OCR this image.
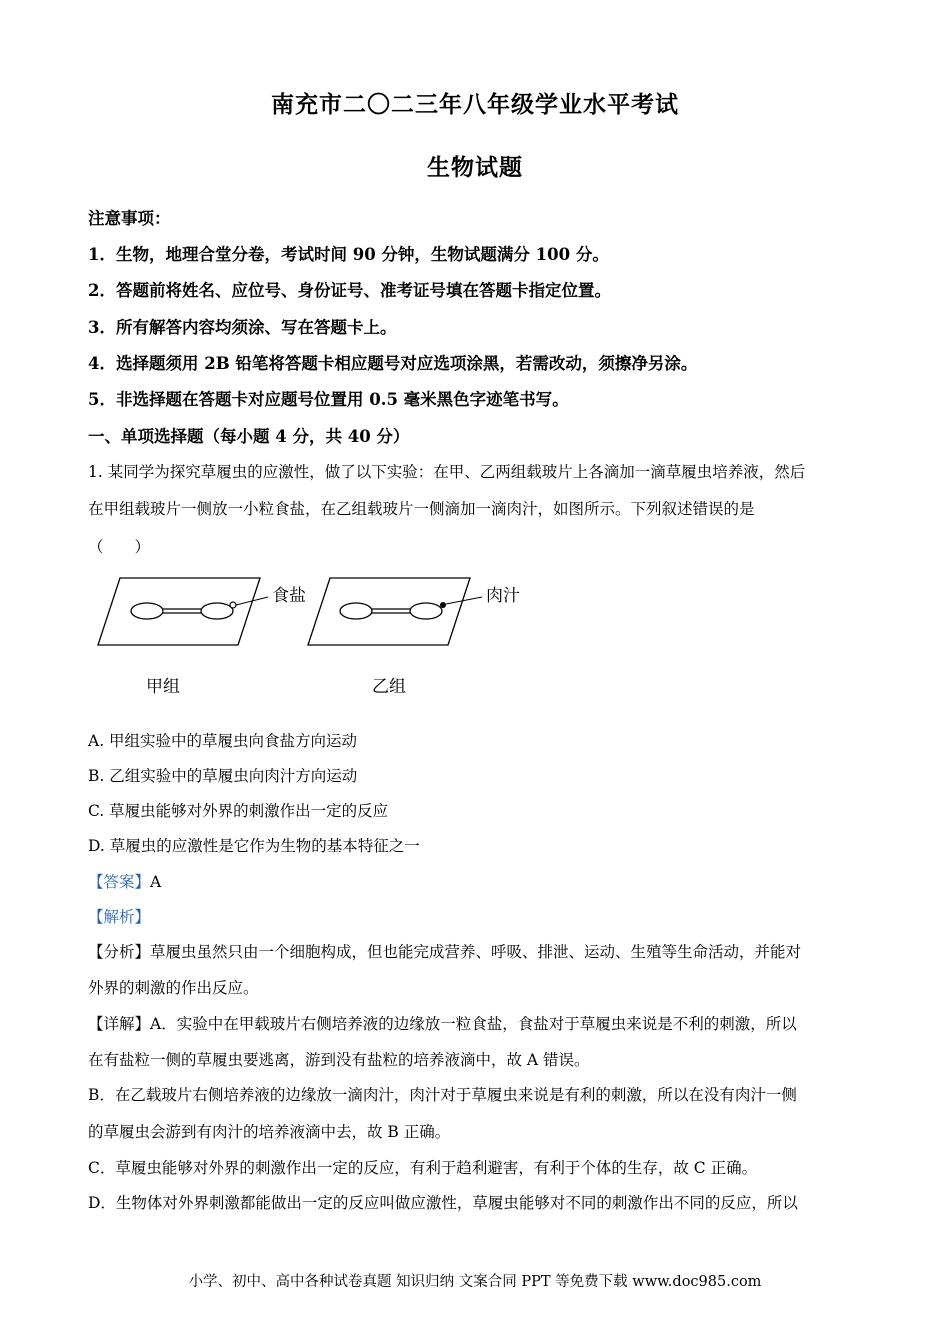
南充市二〇二三年八年级学业水平考试
生物试题
注意事项：
1．生物，地理合堂分卷，考试时间 90 分钟，生物试题满分 100 分。
2．答题前将姓名、应位号、身份证号、准考证号填在答题卡指定位置。
3．所有解答内容均须涂、写在答题卡上。
4．选择题须用 2B 铅笔将答题卡相应题号对应选项涂黑，若需改动，须擦净另涂。
5．非选择题在答题卡对应题号位置用 0.5 毫米黑色字迹笔书写。
一、单项选择题（每小题 4 分，共 40 分）
1. 某同学为探究草履虫的应激性，做了以下实验：在甲、乙两组载玻片上各滴加一滴草履虫培养液，然后
在甲组载玻片一侧放一小粒食盐，在乙组载玻片一侧滴加一滴肉汁，如图所示。下列叙述错误的是
（　　）
食盐	肉汁
甲组	乙组
A. 甲组实验中的草履虫向食盐方向运动
B. 乙组实验中的草履虫向肉汁方向运动
C. 草履虫能够对外界的刺激作出一定的反应
D. 草履虫的应激性是它作为生物的基本特征之一
【答案】A
【解析】
【分析】草履虫虽然只由一个细胞构成，但也能完成营养、呼吸、排泄、运动、生殖等生命活动，并能对
外界的刺激的作出反应。
【详解】A．实验中在甲载玻片右侧培养液的边缘放一粒食盐，食盐对于草履虫来说是不利的刺激，所以
在有盐粒一侧的草履虫要逃离，游到没有盐粒的培养液滴中，故 A 错误。
B．在乙载玻片右侧培养液的边缘放一滴肉汁，肉汁对于草履虫来说是有利的刺激，所以在没有肉汁一侧
的草履虫会游到有肉汁的培养液滴中去，故 B 正确。
C．草履虫能够对外界的刺激作出一定的反应，有利于趋利避害，有利于个体的生存，故 C 正确。
D．生物体对外界刺激都能做出一定的反应叫做应激性，草履虫能够对不同的刺激作出不同的反应，所以
小学、初中、高中各种试卷真题 知识归纳 文案合同 PPT 等免费下载 www.doc985.com
